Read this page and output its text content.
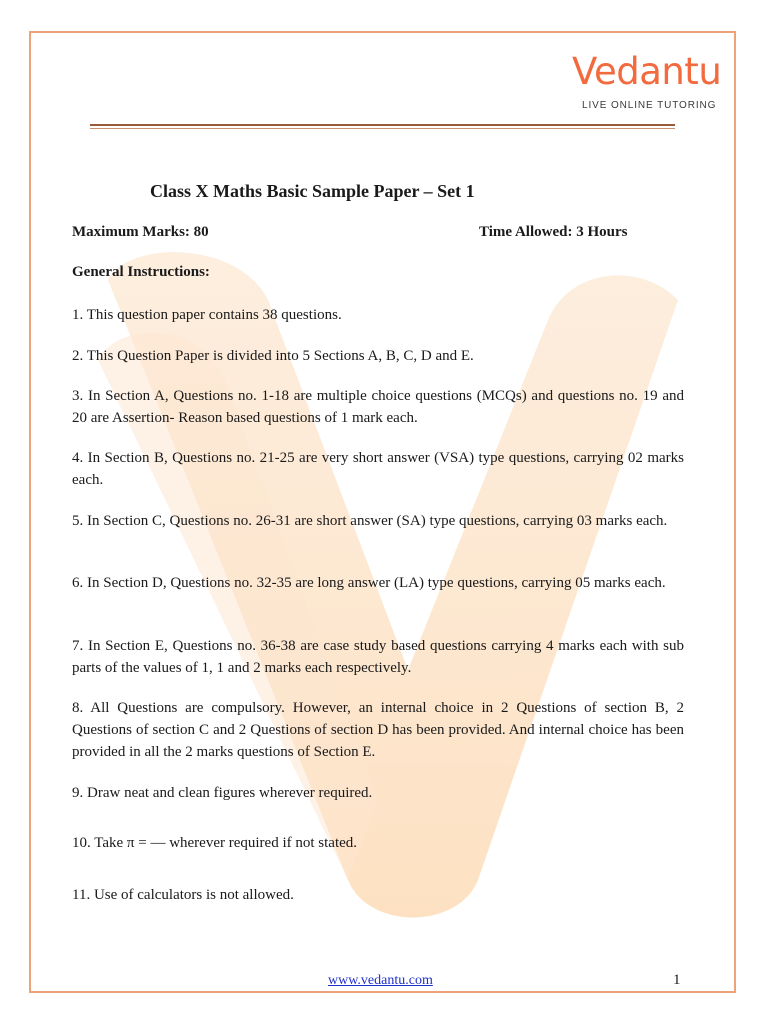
Vedantu
LIVE ONLINE TUTORING
Class X Maths Basic Sample Paper – Set 1
Maximum Marks: 80	Time Allowed: 3 Hours
General Instructions:
1. This question paper contains 38 questions.
2. This Question Paper is divided into 5 Sections A, B, C, D and E.
3. In Section A, Questions no. 1-18 are multiple choice questions (MCQs) and questions no. 19 and 20 are Assertion- Reason based questions of 1 mark each.
4. In Section B, Questions no. 21-25 are very short answer (VSA) type questions, carrying 02 marks each.
5. In Section C, Questions no. 26-31 are short answer (SA) type questions, carrying 03 marks each.
6. In Section D, Questions no. 32-35 are long answer (LA) type questions, carrying 05 marks each.
7. In Section E, Questions no. 36-38 are case study based questions carrying 4 marks each with sub parts of the values of 1, 1 and 2 marks each respectively.
8. All Questions are compulsory. However, an internal choice in 2 Questions of section B, 2 Questions of section C and 2 Questions of section D has been provided. And internal choice has been provided in all the 2 marks questions of Section E.
9. Draw neat and clean figures wherever required.
10. Take π = — wherever required if not stated.
11. Use of calculators is not allowed.
www.vedantu.com	1
